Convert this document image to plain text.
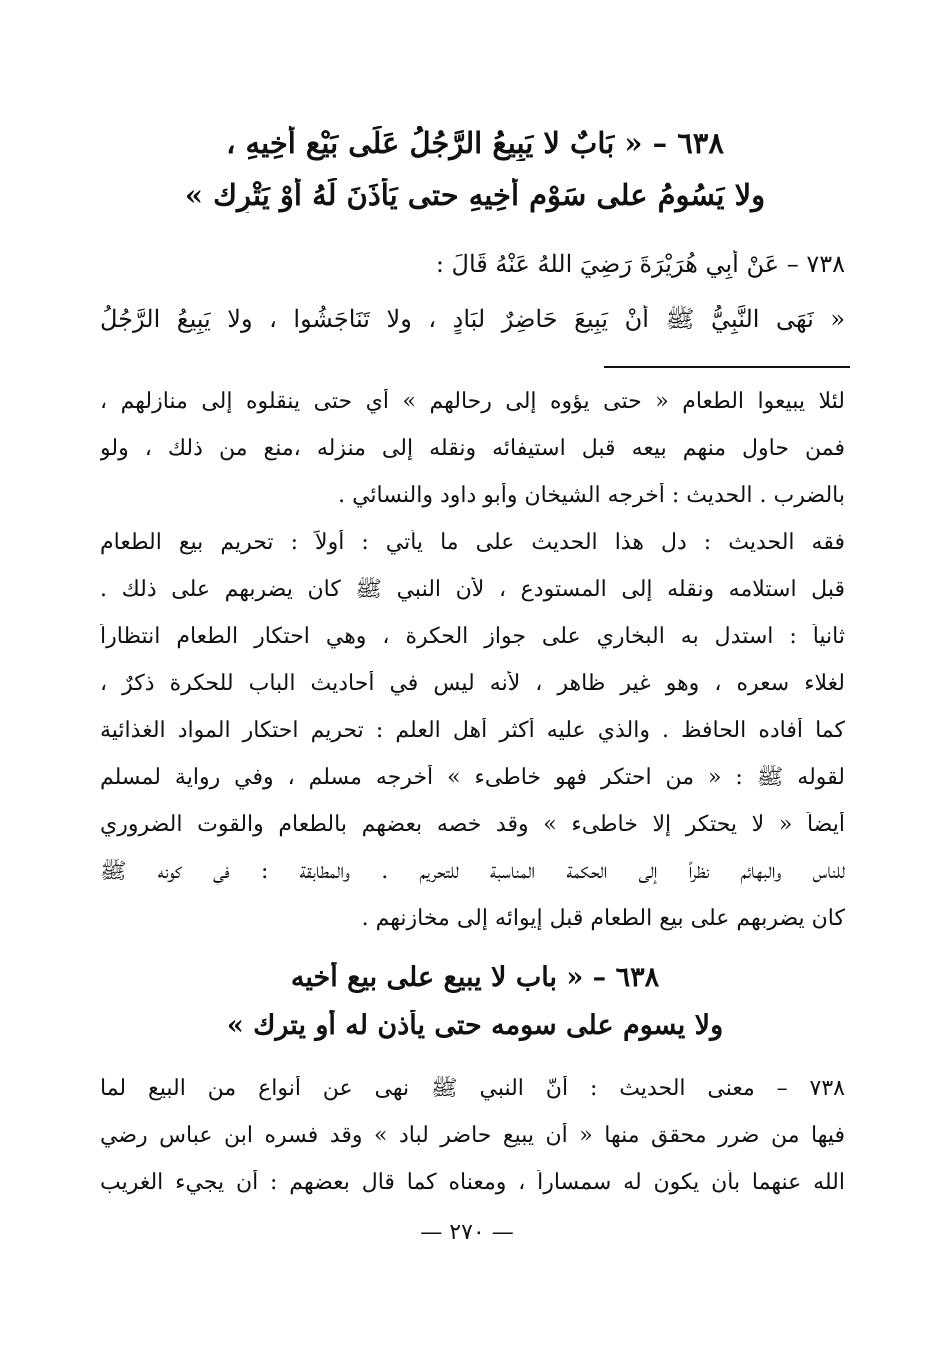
٦٣٨ – « بَابٌ لا يَبِيعُ الرَّجُلُ عَلَى بَيْعِ أَخِيهِ ،
ولا يَسُومُ على سَوْمِ أَخِيهِ حتى يَأْذَنَ لَهُ أَوْ يَتْرِك »
٧٣٨ – عَنْ أَبِي هُرَيْرَةَ رَضِيَ اللهُ عَنْهُ قَالَ :
« نَهَى النَّبِيُّ ﷺ أَنْ يَبِيعَ حَاضِرٌ لبَادٍ ، ولا تَنَاجَشُوا ، ولا يَبِيعُ الرَّجُلُ
لئلا يبيعوا الطعام « حتى يؤوه إلى رحالهم » أي حتى ينقلوه إلى منازلهم ،
فمن حاول منهم بيعه قبل استيفائه ونقله إلى منزله ،منع من ذلك ، ولو
بالضرب . الحديث : أخرجه الشيخان وأبو داود والنسائي .
فقه الحديث : دل هذا الحديث على ما يأتي : أولاً : تحريم بيع الطعام
قبل استلامه ونقله إلى المستودع ، لأن النبي ﷺ كان يضربهم على ذلك .
ثانياً : استدل به البخاري على جواز الحكرة ، وهي احتكار الطعام انتظاراً
لغلاء سعره ، وهو غير ظاهر ، لأنه ليس في أحاديث الباب للحكرة ذكرٌ ،
كما أفاده الحافظ . والذي عليه أكثر أهل العلم : تحريم احتكار المواد الغذائية
لقوله ﷺ : « من احتكر فهو خاطىء » أخرجه مسلم ، وفي رواية لمسلم
أيضاً « لا يحتكر إلا خاطىء » وقد خصه بعضهم بالطعام والقوت الضروري
للناس والبهائم نظراً إلى الحكمة المناسبة للتحريم . والمطابقة : في كونه ﷺ
كان يضربهم على بيع الطعام قبل إيوائه إلى مخازنهم .
٦٣٨ – « باب لا يبيع على بيع أخيه
ولا يسوم على سومه حتى يأذن له أو يترك »
٧٣٨ – معنى الحديث : أنّ النبي ﷺ نهى عن أنواع من البيع لما
فيها من ضرر محقق منها « أن يبيع حاضر لباد » وقد فسره ابن عباس رضي
الله عنهما بأن يكون له سمساراً ، ومعناه كما قال بعضهم : أن يجيء الغريب
— ٢٧٠ —
